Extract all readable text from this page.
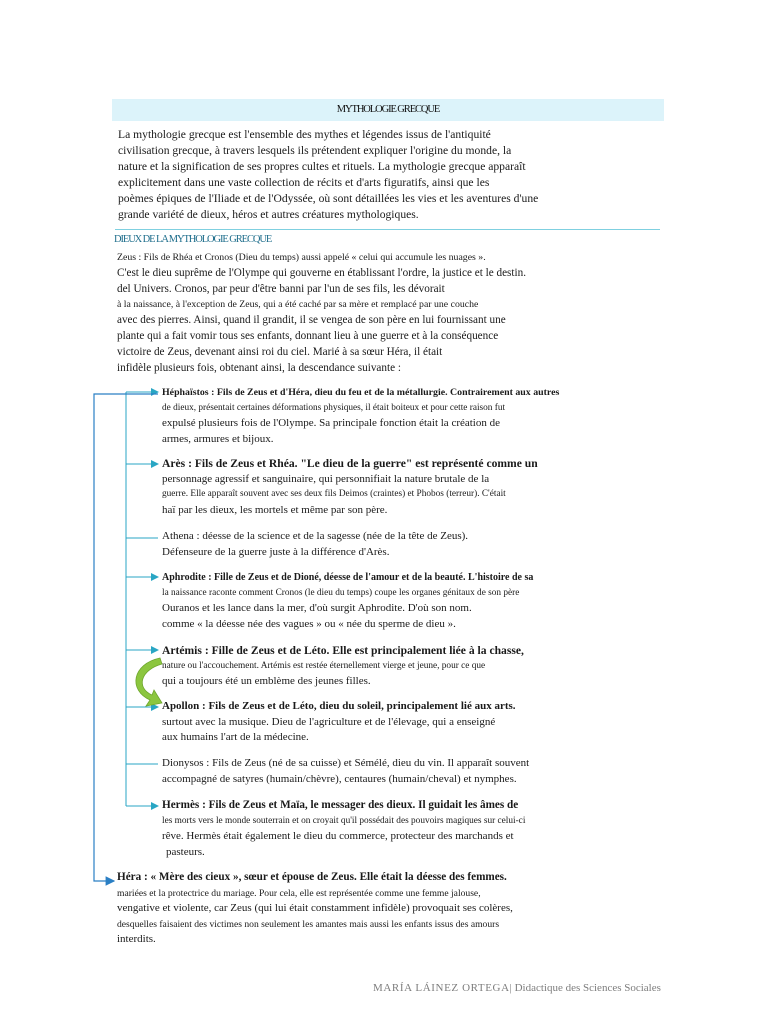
MYTHOLOGIE GRECQUE
La mythologie grecque est l'ensemble des mythes et légendes issus de l'antiquité
civilisation grecque, à travers lesquels ils prétendent expliquer l'origine du monde, la
nature et la signification de ses propres cultes et rituels. La mythologie grecque apparaît
explicitement dans une vaste collection de récits et d'arts figuratifs, ainsi que les
poèmes épiques de l'Iliade et de l'Odyssée, où sont détaillées les vies et les aventures d'une
grande variété de dieux, héros et autres créatures mythologiques.
DIEUX DE LA MYTHOLOGIE GRECQUE
Zeus : Fils de Rhéa et Cronos (Dieu du temps) aussi appelé « celui qui accumule les nuages ».
C'est le dieu suprême de l'Olympe qui gouverne en établissant l'ordre, la justice et le destin.
del Univers. Cronos, par peur d'être banni par l'un de ses fils, les dévorait
à la naissance, à l'exception de Zeus, qui a été caché par sa mère et remplacé par une couche
avec des pierres. Ainsi, quand il grandit, il se vengea de son père en lui fournissant une
plante qui a fait vomir tous ses enfants, donnant lieu à une guerre et à la conséquence
victoire de Zeus, devenant ainsi roi du ciel. Marié à sa sœur Héra, il était
infidèle plusieurs fois, obtenant ainsi, la descendance suivante :
Héphaïstos : Fils de Zeus et d'Héra, dieu du feu et de la métallurgie. Contrairement aux autres
de dieux, présentait certaines déformations physiques, il était boiteux et pour cette raison fut
expulsé plusieurs fois de l'Olympe. Sa principale fonction était la création de
armes, armures et bijoux.
Arès : Fils de Zeus et Rhéa. "Le dieu de la guerre" est représenté comme un
personnage agressif et sanguinaire, qui personnifiait la nature brutale de la
guerre. Elle apparaît souvent avec ses deux fils Deimos (craintes) et Phobos (terreur). C'était
haï par les dieux, les mortels et même par son père.
Athena : déesse de la science et de la sagesse (née de la tête de Zeus).
Défenseure de la guerre juste à la différence d'Arès.
Aphrodite : Fille de Zeus et de Dioné, déesse de l'amour et de la beauté. L'histoire de sa
la naissance raconte comment Cronos (le dieu du temps) coupe les organes génitaux de son père
Ouranos et les lance dans la mer, d'où surgit Aphrodite. D'où son nom.
comme « la déesse née des vagues » ou « née du sperme de dieu ».
Artémis : Fille de Zeus et de Léto. Elle est principalement liée à la chasse,
nature ou l'accouchement. Artémis est restée éternellement vierge et jeune, pour ce que
qui a toujours été un emblème des jeunes filles.
Apollon : Fils de Zeus et de Léto, dieu du soleil, principalement lié aux arts.
surtout avec la musique. Dieu de l'agriculture et de l'élevage, qui a enseigné
aux humains l'art de la médecine.
Dionysos : Fils de Zeus (né de sa cuisse) et Sémélé, dieu du vin. Il apparaît souvent
accompagné de satyres (humain/chèvre), centaures (humain/cheval) et nymphes.
Hermès : Fils de Zeus et Maïa, le messager des dieux. Il guidait les âmes de
les morts vers le monde souterrain et on croyait qu'il possédait des pouvoirs magiques sur celui-ci
rêve. Hermès était également le dieu du commerce, protecteur des marchands et
pasteurs.
Héra : « Mère des cieux », sœur et épouse de Zeus. Elle était la déesse des femmes.
mariées et la protectrice du mariage. Pour cela, elle est représentée comme une femme jalouse,
vengative et violente, car Zeus (qui lui était constamment infidèle) provoquait ses colères,
desquelles faisaient des victimes non seulement les amantes mais aussi les enfants issus des amours
interdits.
MARÍA LÁINEZ ORTEGA| Didactique des Sciences Sociales
